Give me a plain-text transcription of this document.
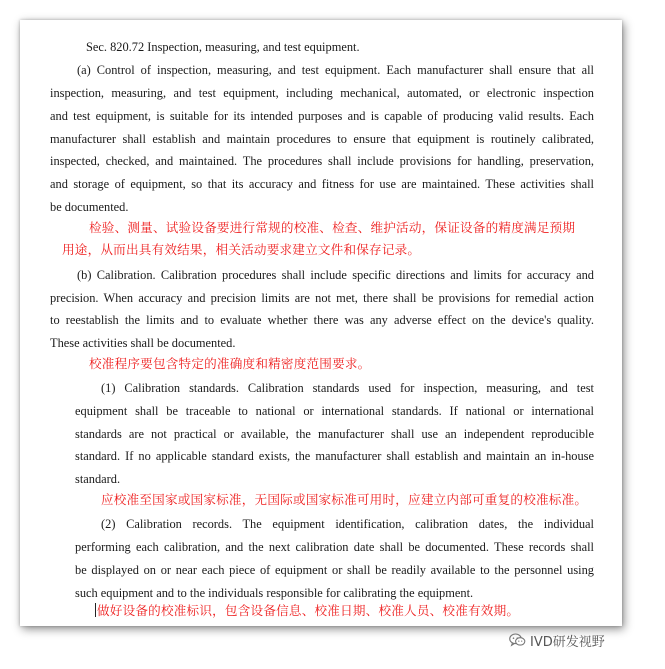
Sec. 820.72 Inspection, measuring, and test equipment.
(a) Control of inspection, measuring, and test equipment. Each manufacturer shall ensure that all
inspection, measuring, and test equipment, including mechanical, automated, or electronic inspection
and test equipment, is suitable for its intended purposes and is capable of producing valid results. Each
manufacturer shall establish and maintain procedures to ensure that equipment is routinely calibrated,
inspected, checked, and maintained. The procedures shall include provisions for handling, preservation,
and storage of equipment, so that its accuracy and fitness for use are maintained. These activities shall
be documented.
检验、测量、试验设备要进行常规的校准、检查、维护活动，保证设备的精度满足预期
用途，从而出具有效结果，相关活动要求建立文件和保存记录。
(b) Calibration. Calibration procedures shall include specific directions and limits for accuracy and
precision. When accuracy and precision limits are not met, there shall be provisions for remedial action
to reestablish the limits and to evaluate whether there was any adverse effect on the device's quality.
These activities shall be documented.
校准程序要包含特定的准确度和精密度范围要求。
(1) Calibration standards. Calibration standards used for inspection, measuring, and test
equipment shall be traceable to national or international standards. If national or international
standards are not practical or available, the manufacturer shall use an independent reproducible
standard. If no applicable standard exists, the manufacturer shall establish and maintain an in-house
standard.
应校准至国家或国家标准，无国际或国家标准可用时，应建立内部可重复的校准标准。
(2) Calibration records. The equipment identification, calibration dates, the individual
performing each calibration, and the next calibration date shall be documented. These records shall
be displayed on or near each piece of equipment or shall be readily available to the personnel using
such equipment and to the individuals responsible for calibrating the equipment.
做好设备的校准标识，包含设备信息、校准日期、校准人员、校准有效期。
IVD研发视野
